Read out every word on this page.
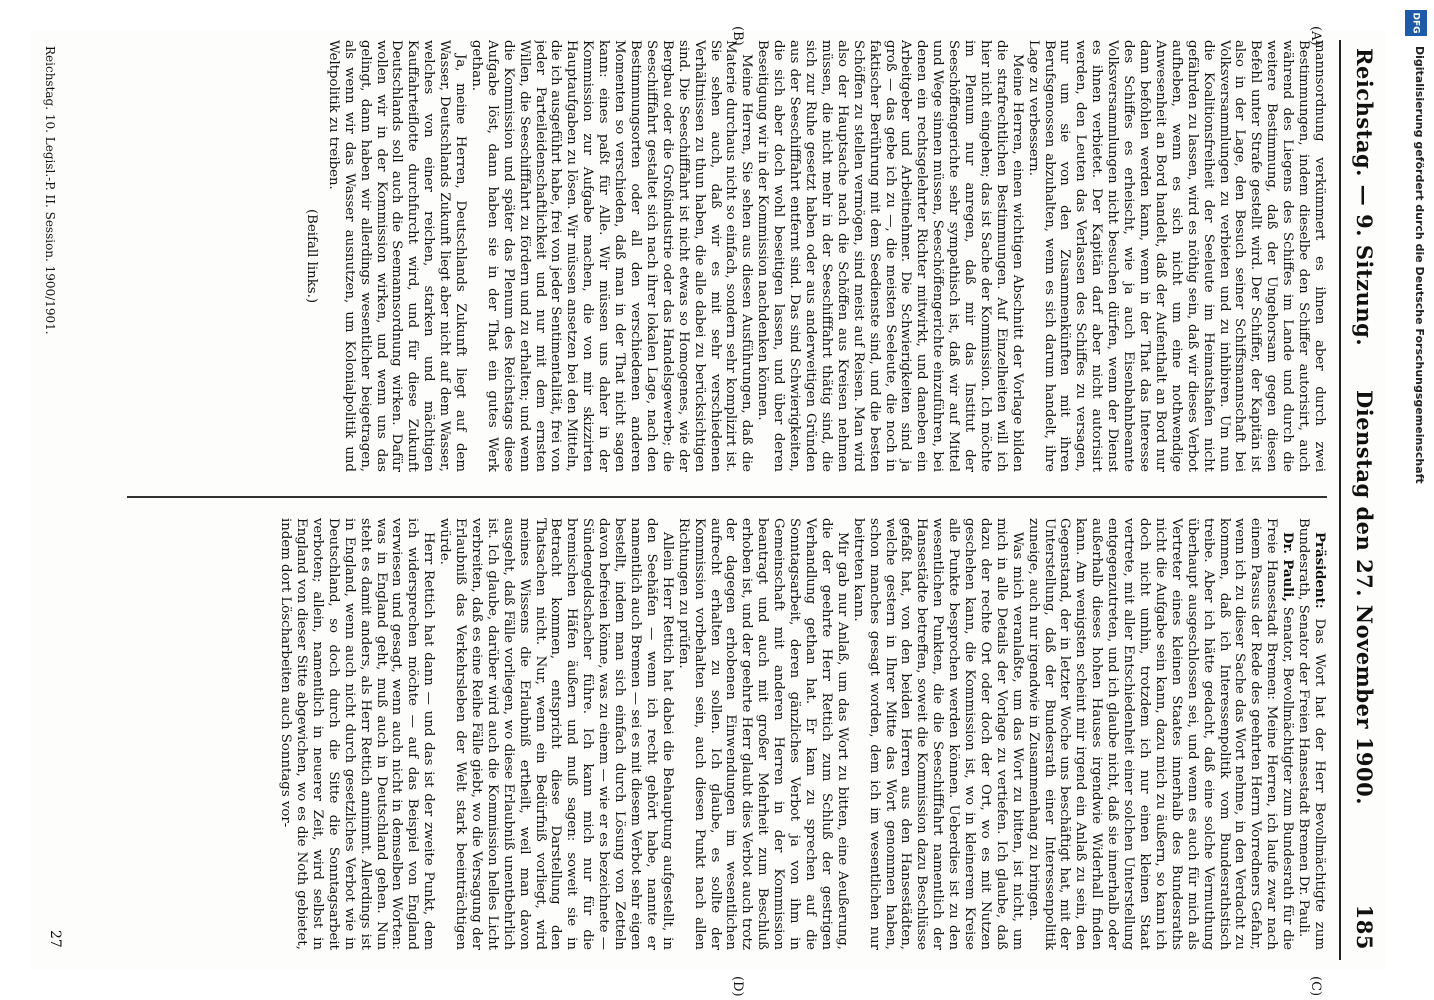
Reichstag. — 9. Sitzung.
Dienstag den 27. November 1900.
185
(A)
(B)
(C)
(D)

mannsordnung verkümmert es ihnen aber durch zwei Bestimmungen, indem dieselbe den Schiffer autorisirt, auch während des Liegens des Schiffes im Lande und durch die weitere Bestimmung, daß der Ungehorsam gegen diesen Befehl unter Strafe gestellt wird. Der Schiffer, der Kapitän ist also in der Lage, den Besuch seiner Schiffsmannschaft bei Volksversammlungen zu verbieten und zu inhibiren. Um nun die Koalitionsfreiheit der Seeleute im Heimatshafen nicht gefährden zu lassen, wird es nöthig sein, daß wir dieses Verbot aufheben, wenn es sich nicht um eine nothwendige Anwesenheit an Bord handelt, daß der Aufenthalt an Bord nur dann befohlen werden kann, wenn in der That das Interesse des Schiffes es erheischt, wie ja auch Eisenbahnbeamte Volksversammlungen nicht besuchen dürfen, wenn der Dienst es ihnen verbietet. Der Kapitän darf aber nicht autorisirt werden, den Leuten das Verlassen des Schiffes zu versagen, nur um sie von den Zusammenkünften mit ihren Berufsgenossen abzuhalten, wenn es sich darum handelt, ihre Lage zu verbessern.

Meine Herren, einen wichtigen Abschnitt der Vorlage bilden die strafrechtlichen Bestimmungen. Auf Einzelheiten will ich hier nicht eingehen; das ist Sache der Kommission. Ich möchte im Plenum nur anregen, daß mir das Institut der Seeschöffengerichte sehr sympathisch ist, daß wir auf Mittel und Wege sinnen müssen, Seeschöffengerichte einzuführen, bei denen ein rechtsgelehrter Richter mitwirkt, und daneben ein Arbeitgeber und Arbeitnehmer. Die Schwierigkeiten sind ja groß — das gebe ich zu —, die meisten Seeleute, die noch in faktischer Berührung mit dem Seedienste sind, und die besten Schöffen zu stellen vermögen, sind meist auf Reisen. Man wird also der Hauptsache nach die Schöffen aus Kreisen nehmen müssen, die nicht mehr in der Seeschifffahrt thätig sind, die sich zur Ruhe gesetzt haben oder aus anderweitigen Gründen aus der Seeschifffahrt entfernt sind. Das sind Schwierigkeiten, die sich aber doch wohl beseitigen lassen, und über deren Beseitigung wir in der Kommission nachdenken können.

Meine Herren, Sie sehen aus diesen Ausführungen, daß die Materie durchaus nicht so einfach, sondern sehr komplizirt ist. Sie sehen auch, daß wir es mit sehr verschiedenen Verhältnissen zu thun haben, die alle dabei zu berücksichtigen sind. Die Seeschifffahrt ist nicht etwas so Homogenes, wie der Bergbau oder die Großindustrie oder das Handelsgewerbe; die Seeschifffahrt gestaltet sich nach ihrer lokalen Lage, nach den Bestimmungsorten oder all den verschiedenen anderen Momenten so verschieden, daß man in der That nicht sagen kann: eines paßt für Alle. Wir müssen uns daher in der Kommission zur Aufgabe machen, die von mir skizzirten Hauptaufgaben zu lösen. Wir müssen ansetzen bei den Mitteln, die ich ausgeführt habe, frei von jeder Sentimentalität, frei von jeder Parteileidenschaftlichkeit und nur mit dem ernsten Willen, die Seeschifffahrt zu fördern und zu erhalten; und wenn die Kommission und später das Plenum des Reichstags diese Aufgabe löst, dann haben sie in der That ein gutes Werk gethan.

Ja, meine Herren, Deutschlands Zukunft liegt auf dem Wasser, Deutschlands Zukunft liegt aber nicht auf dem Wasser, welches von einer reichen, starken und mächtigen Kauffahrteiflotte durchfurcht wird, und für diese Zukunft Deutschlands soll auch die Seemannsordnung wirken. Dafür wollen wir in der Kommission wirken, und wenn uns das gelingt, dann haben wir allerdings wesentlicher beigetragen, als wenn wir das Wasser ausnutzen, um Kolonialpolitik und Weltpolitik zu treiben.

(Beifall links.)

Präsident: Das Wort hat der Herr Bevollmächtigte zum Bundesrath, Senator der Freien Hansestadt Bremen Dr. Pauli.

Dr. Pauli, Senator, Bevollmächtigter zum Bundesrath für die Freie Hansestadt Bremen: Meine Herren, ich laufe zwar nach einem Passus der Rede des geehrten Herrn Vorredners Gefahr, wenn ich zu dieser Sache das Wort nehme, in den Verdacht zu kommen, daß ich Interessenpolitik vom Bundesrathstisch treibe. Aber ich hätte gedacht, daß eine solche Vermuthung überhaupt ausgeschlossen sei, und wenn es auch für mich als Vertreter eines kleinen Staates innerhalb des Bundesraths nicht die Aufgabe sein kann, dazu mich zu äußern, so kann ich doch nicht umhin, trotzdem ich nur einen kleinen Staat vertrete, mit aller Entschiedenheit einer solchen Unterstellung entgegenzutreten, und ich glaube nicht, daß sie innerhalb oder außerhalb dieses hohen Hauses irgendwie Widerhall finden kann. Am wenigsten scheint mir irgend ein Anlaß zu sein, den Gegenstand, der in letzter Woche uns beschäftigt hat, mit der Unterstellung, daß der Bundesrath einer Interessenpolitik zuneige, auch nur irgendwie in Zusammenhang zu bringen.

Was mich veranlaßte, um das Wort zu bitten, ist nicht, um mich in alle Details der Vorlage zu vertiefen. Ich glaube, daß dazu der rechte Ort oder doch der Ort, wo es mit Nutzen geschehen kann, die Kommission ist, wo in kleinerem Kreise alle Punkte besprochen werden können. Ueberdies ist zu den wesentlichen Punkten, die die Seeschifffahrt namentlich der Hansestädte betreffen, soweit die Kommission dazu Beschlüsse gefaßt hat, von den beiden Herren aus den Hansestädten, welche gestern in Ihrer Mitte das Wort genommen haben, schon manches gesagt worden, dem ich im wesentlichen nur beitreten kann.

Mir gab nur Anlaß, um das Wort zu bitten, eine Aeußerung, die der geehrte Herr Rettich zum Schluß der gestrigen Verhandlung gethan hat. Er kam zu sprechen auf die Sonntagsarbeit, deren gänzliches Verbot ja von ihm in Gemeinschaft mit anderen Herren in der Kommission beantragt und auch mit großer Mehrheit zum Beschluß erhoben ist, und der geehrte Herr glaubt dies Verbot auch trotz der dagegen erhobenen Einwendungen im wesentlichen aufrecht erhalten zu sollen. Ich glaube, es sollte der Kommission vorbehalten sein, auch diesen Punkt nach allen Richtungen zu prüfen.

Allein Herr Rettich hat dabei die Behauptung aufgestellt, in den Seehäfen — wenn ich recht gehört habe, nannte er namentlich auch Bremen — sei es mit diesem Verbot sehr eigen bestellt, indem man sich einfach durch Lösung von Zetteln davon befreien könne, was zu einem — wie er es bezeichnete — Sündengeldschacher führe. Ich kann mich nur für die bremischen Häfen äußern und muß sagen: soweit sie in Betracht kommen, entspricht diese Darstellung den Thatsachen nicht. Nur, wenn ein Bedürfniß vorliegt, wird meines Wissens die Erlaubniß ertheilt, weil man davon ausgeht, daß Fälle vorliegen, wo diese Erlaubniß unentbehrlich ist. Ich glaube, darüber wird auch die Kommission helles Licht verbreiten, daß es eine Reihe Fälle giebt, wo die Versagung der Erlaubniß das Verkehrsleben der Welt stark beeinträchtigen würde.

Herr Rettich hat dann — und das ist der zweite Punkt, dem ich widersprechen möchte — auf das Beispiel von England verwiesen und gesagt, wenn auch nicht in demselben Worten: was in England geht, muß auch in Deutschland gehen. Nun steht es damit anders, als Herr Rettich annimmt. Allerdings ist in England, wenn auch nicht durch gesetzliches Verbot wie in Deutschland, so doch durch die Sitte die Sonntagsarbeit verboten; allein, namentlich in neuerer Zeit, wird selbst in England von dieser Sitte abgewichen, wo es die Noth gebietet, indem dort Löscharbeiten auch Sonntags vor-

Reichstag. 10. Legisl.-P. II. Session. 1900/1901.
27
DFG
Digitalisierung gefördert durch die Deutsche Forschungsgemeinschaft
